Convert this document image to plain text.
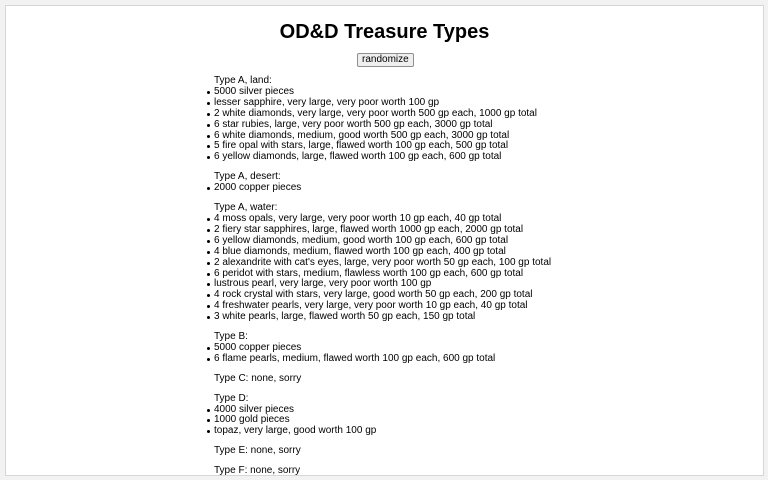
OD&D Treasure Types
randomize
Type A, land:
5000 silver pieces
lesser sapphire, very large, very poor worth 100 gp
2 white diamonds, very large, very poor worth 500 gp each, 1000 gp total
6 star rubies, large, very poor worth 500 gp each, 3000 gp total
6 white diamonds, medium, good worth 500 gp each, 3000 gp total
5 fire opal with stars, large, flawed worth 100 gp each, 500 gp total
6 yellow diamonds, large, flawed worth 100 gp each, 600 gp total
Type A, desert:
2000 copper pieces
Type A, water:
4 moss opals, very large, very poor worth 10 gp each, 40 gp total
2 fiery star sapphires, large, flawed worth 1000 gp each, 2000 gp total
6 yellow diamonds, medium, good worth 100 gp each, 600 gp total
4 blue diamonds, medium, flawed worth 100 gp each, 400 gp total
2 alexandrite with cat's eyes, large, very poor worth 50 gp each, 100 gp total
6 peridot with stars, medium, flawless worth 100 gp each, 600 gp total
lustrous pearl, very large, very poor worth 100 gp
4 rock crystal with stars, very large, good worth 50 gp each, 200 gp total
4 freshwater pearls, very large, very poor worth 10 gp each, 40 gp total
3 white pearls, large, flawed worth 50 gp each, 150 gp total
Type B:
5000 copper pieces
6 flame pearls, medium, flawed worth 100 gp each, 600 gp total
Type C: none, sorry
Type D:
4000 silver pieces
1000 gold pieces
topaz, very large, good worth 100 gp
Type E: none, sorry
Type F: none, sorry
